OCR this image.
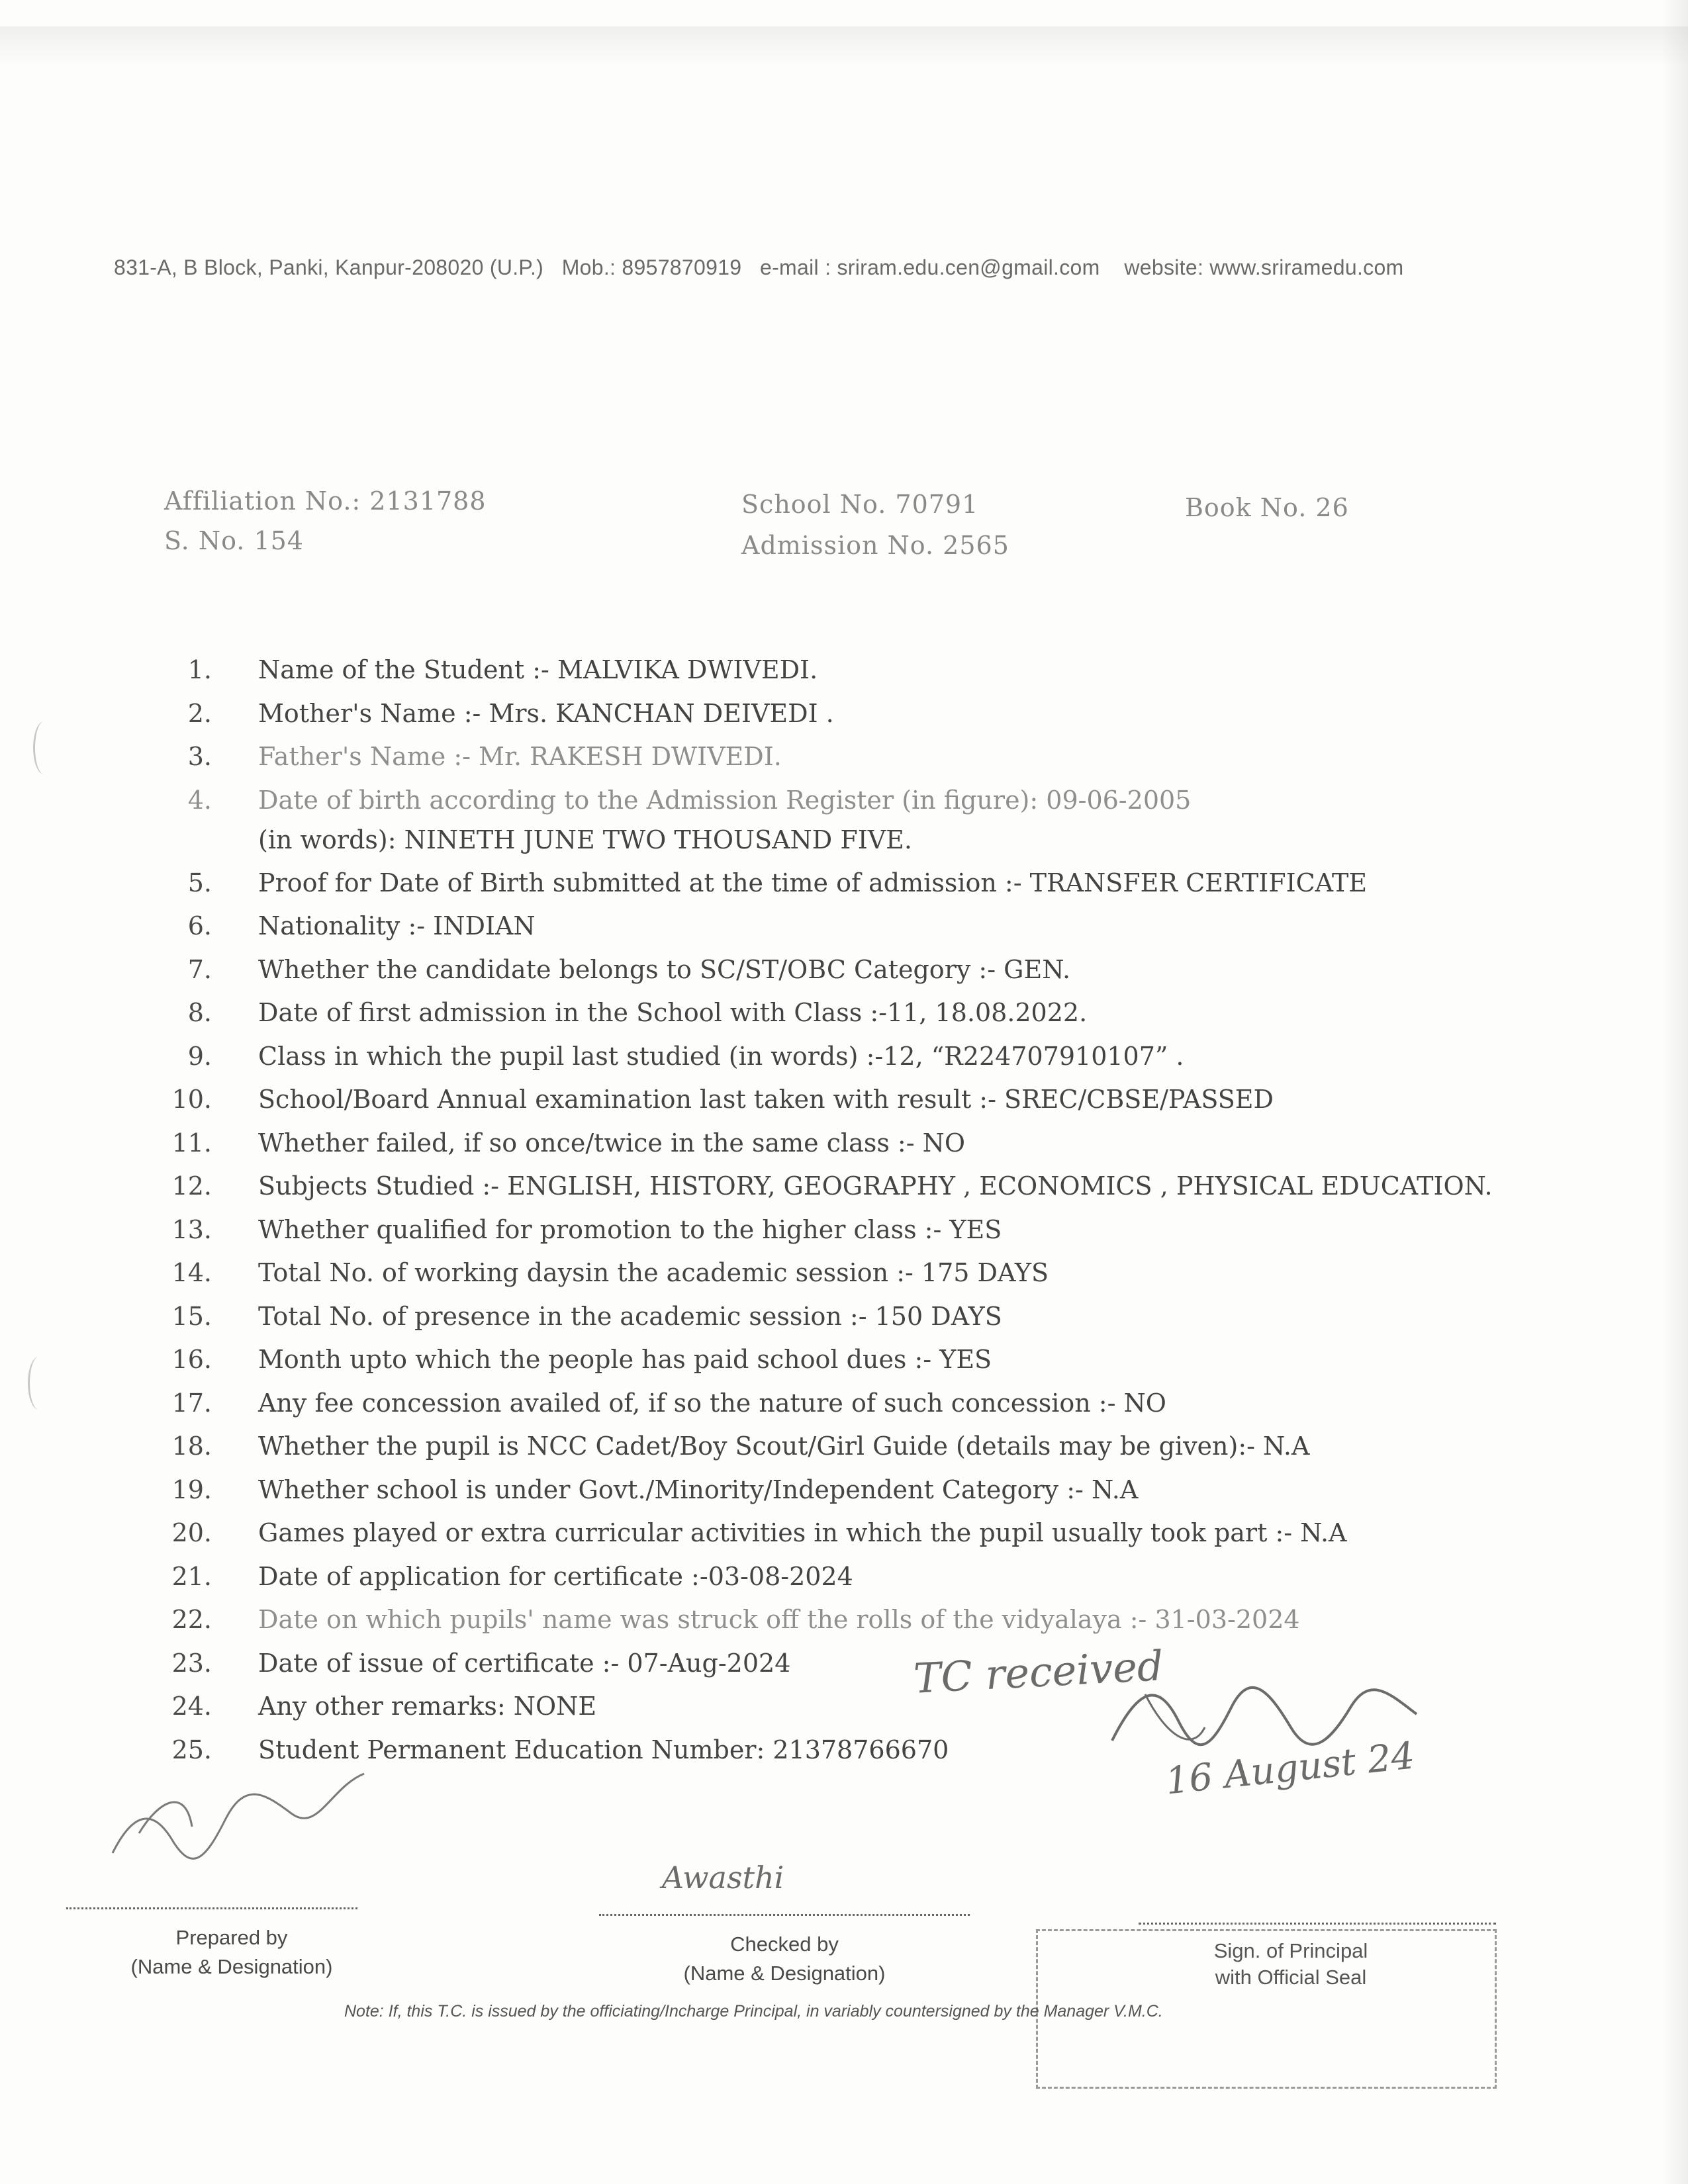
831-A, B Block, Panki, Kanpur-208020 (U.P.) Mob.: 8957870919 e-mail : sriram.edu.cen@gmail.com website: www.sriramedu.com
Affiliation No.: 2131788
S. No. 154
School No. 70791
Admission No. 2565
Book No. 26
1. Name of the Student :- MALVIKA DWIVEDI.
2. Mother's Name :- Mrs. KANCHAN DEIVEDI .
3. Father's Name :- Mr. RAKESH DWIVEDI.
4. Date of birth according to the Admission Register (in figure): 09-06-2005
(in words): NINETH JUNE TWO THOUSAND FIVE.
5. Proof for Date of Birth submitted at the time of admission :- TRANSFER CERTIFICATE
6. Nationality :- INDIAN
7. Whether the candidate belongs to SC/ST/OBC Category :- GEN.
8. Date of first admission in the School with Class :-11, 18.08.2022.
9. Class in which the pupil last studied (in words) :-12, “R224707910107” .
10. School/Board Annual examination last taken with result :- SREC/CBSE/PASSED
11. Whether failed, if so once/twice in the same class :- NO
12. Subjects Studied :- ENGLISH, HISTORY, GEOGRAPHY , ECONOMICS , PHYSICAL EDUCATION.
13. Whether qualified for promotion to the higher class :- YES
14. Total No. of working daysin the academic session :- 175 DAYS
15. Total No. of presence in the academic session :- 150 DAYS
16. Month upto which the people has paid school dues :- YES
17. Any fee concession availed of, if so the nature of such concession :- NO
18. Whether the pupil is NCC Cadet/Boy Scout/Girl Guide (details may be given):- N.A
19. Whether school is under Govt./Minority/Independent Category :- N.A
20. Games played or extra curricular activities in which the pupil usually took part :- N.A
21. Date of application for certificate :-03-08-2024
22. Date on which pupils' name was struck off the rolls of the vidyalaya :- 31-03-2024
23. Date of issue of certificate :- 07-Aug-2024
24. Any other remarks: NONE
25. Student Permanent Education Number: 21378766670
TC received
16 August 24
Prepared by
(Name & Designation)
Awasthi
Checked by
(Name & Designation)
Sign. of Principal
with Official Seal
Note: If, this T.C. is issued by the officiating/Incharge Principal, in variably countersigned by the Manager V.M.C.
